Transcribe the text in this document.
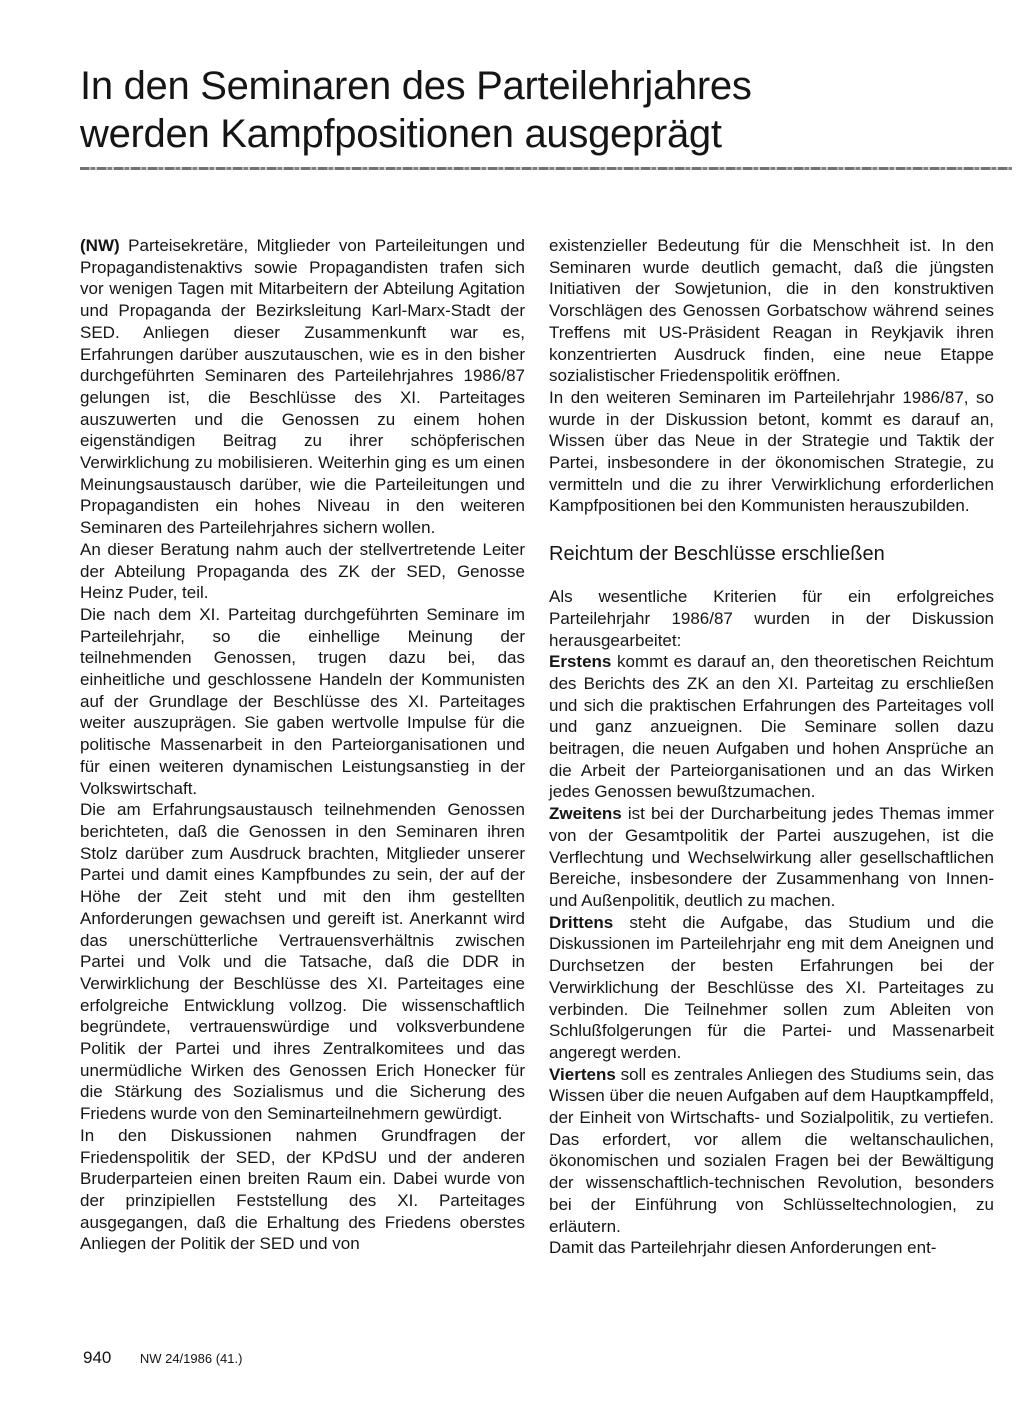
In den Seminaren des Parteilehrjahres
werden Kampfpositionen ausgeprägt

(NW) Parteisekretäre, Mitglieder von Parteileitungen und Propagandistenaktivs sowie Propagandisten trafen sich vor wenigen Tagen mit Mitarbeitern der Abteilung Agitation und Propaganda der Bezirksleitung Karl-Marx-Stadt der SED. Anliegen dieser Zusammenkunft war es, Erfahrungen darüber auszutauschen, wie es in den bisher durchgeführten Seminaren des Parteilehrjahres 1986/87 gelungen ist, die Beschlüsse des XI. Parteitages auszuwerten und die Genossen zu einem hohen eigenständigen Beitrag zu ihrer schöpferischen Verwirklichung zu mobilisieren. Weiterhin ging es um einen Meinungsaustausch darüber, wie die Parteileitungen und Propagandisten ein hohes Niveau in den weiteren Seminaren des Parteilehrjahres sichern wollen.

An dieser Beratung nahm auch der stellvertretende Leiter der Abteilung Propaganda des ZK der SED, Genosse Heinz Puder, teil.

Die nach dem XI. Parteitag durchgeführten Seminare im Parteilehrjahr, so die einhellige Meinung der teilnehmenden Genossen, trugen dazu bei, das einheitliche und geschlossene Handeln der Kommunisten auf der Grundlage der Beschlüsse des XI. Parteitages weiter auszuprägen. Sie gaben wertvolle Impulse für die politische Massenarbeit in den Parteiorganisationen und für einen weiteren dynamischen Leistungsanstieg in der Volkswirtschaft.

Die am Erfahrungsaustausch teilnehmenden Genossen berichteten, daß die Genossen in den Seminaren ihren Stolz darüber zum Ausdruck brachten, Mitglieder unserer Partei und damit eines Kampfbundes zu sein, der auf der Höhe der Zeit steht und mit den ihm gestellten Anforderungen gewachsen und gereift ist. Anerkannt wird das unerschütterliche Vertrauensverhältnis zwischen Partei und Volk und die Tatsache, daß die DDR in Verwirklichung der Beschlüsse des XI. Parteitages eine erfolgreiche Entwicklung vollzog. Die wissenschaftlich begründete, vertrauenswürdige und volksverbundene Politik der Partei und ihres Zentralkomitees und das unermüdliche Wirken des Genossen Erich Honecker für die Stärkung des Sozialismus und die Sicherung des Friedens wurde von den Seminarteilnehmern gewürdigt.

In den Diskussionen nahmen Grundfragen der Friedenspolitik der SED, der KPdSU und der anderen Bruderparteien einen breiten Raum ein. Dabei wurde von der prinzipiellen Feststellung des XI. Parteitages ausgegangen, daß die Erhaltung des Friedens oberstes Anliegen der Politik der SED und von

existenzieller Bedeutung für die Menschheit ist. In den Seminaren wurde deutlich gemacht, daß die jüngsten Initiativen der Sowjetunion, die in den konstruktiven Vorschlägen des Genossen Gorbatschow während seines Treffens mit US-Präsident Reagan in Reykjavik ihren konzentrierten Ausdruck finden, eine neue Etappe sozialistischer Friedenspolitik eröffnen.

In den weiteren Seminaren im Parteilehrjahr 1986/87, so wurde in der Diskussion betont, kommt es darauf an, Wissen über das Neue in der Strategie und Taktik der Partei, insbesondere in der ökonomischen Strategie, zu vermitteln und die zu ihrer Verwirklichung erforderlichen Kampfpositionen bei den Kommunisten herauszubilden.

Reichtum der Beschlüsse erschließen

Als wesentliche Kriterien für ein erfolgreiches Parteilehrjahr 1986/87 wurden in der Diskussion herausgearbeitet:

Erstens kommt es darauf an, den theoretischen Reichtum des Berichts des ZK an den XI. Parteitag zu erschließen und sich die praktischen Erfahrungen des Parteitages voll und ganz anzueignen. Die Seminare sollen dazu beitragen, die neuen Aufgaben und hohen Ansprüche an die Arbeit der Parteiorganisationen und an das Wirken jedes Genossen bewußtzumachen.

Zweitens ist bei der Durcharbeitung jedes Themas immer von der Gesamtpolitik der Partei auszugehen, ist die Verflechtung und Wechselwirkung aller gesellschaftlichen Bereiche, insbesondere der Zusammenhang von Innen- und Außenpolitik, deutlich zu machen.

Drittens steht die Aufgabe, das Studium und die Diskussionen im Parteilehrjahr eng mit dem Aneignen und Durchsetzen der besten Erfahrungen bei der Verwirklichung der Beschlüsse des XI. Parteitages zu verbinden. Die Teilnehmer sollen zum Ableiten von Schlußfolgerungen für die Partei- und Massenarbeit angeregt werden.

Viertens soll es zentrales Anliegen des Studiums sein, das Wissen über die neuen Aufgaben auf dem Hauptkampffeld, der Einheit von Wirtschafts- und Sozialpolitik, zu vertiefen. Das erfordert, vor allem die weltanschaulichen, ökonomischen und sozialen Fragen bei der Bewältigung der wissenschaftlich-technischen Revolution, besonders bei der Einführung von Schlüsseltechnologien, zu erläutern.

Damit das Parteilehrjahr diesen Anforderungen ent-

940 NW 24/1986 (41.)
